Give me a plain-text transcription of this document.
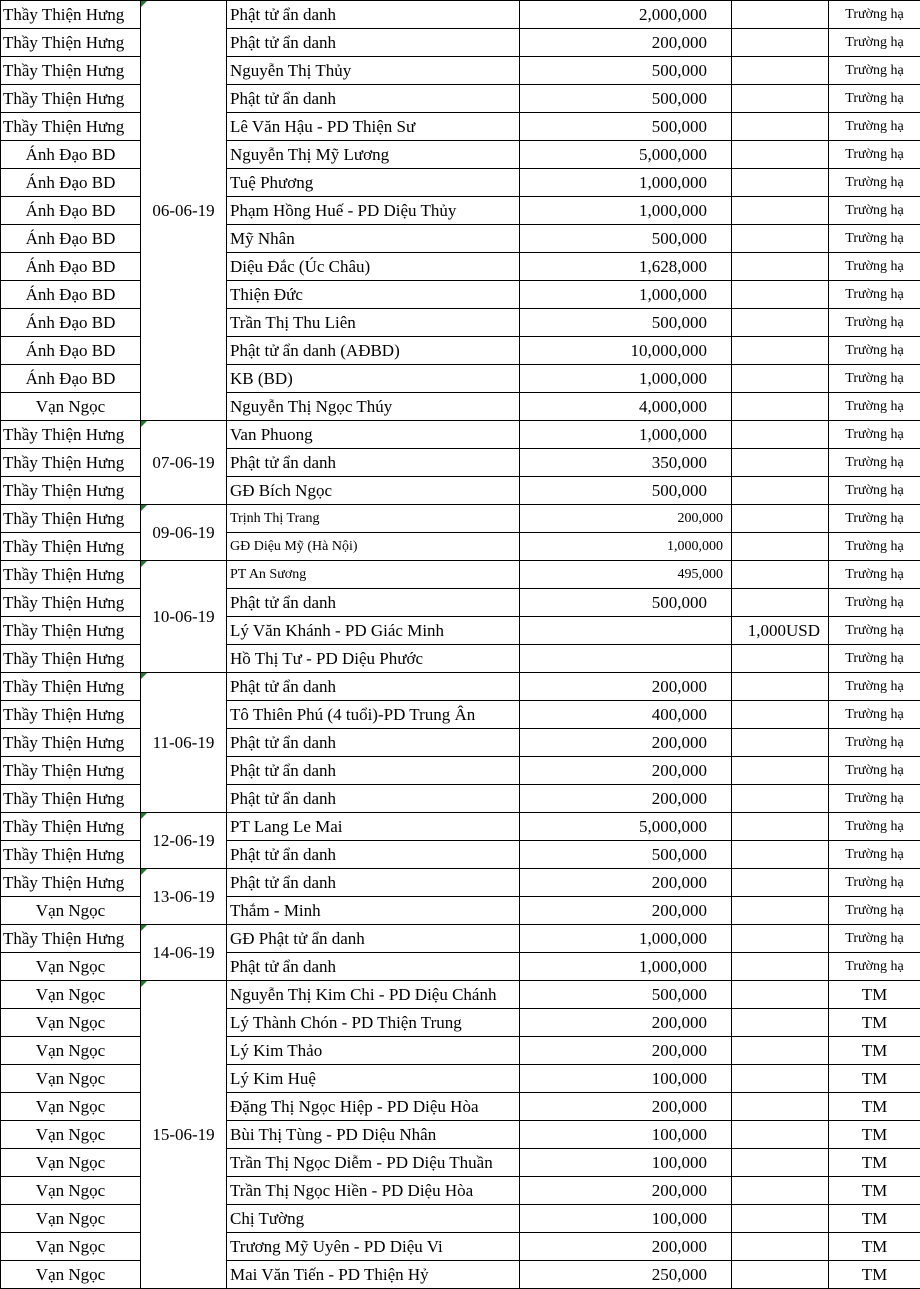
Thầy Thiện Hưng	06-06-19	Phật tử ẩn danh	2,000,000		Trường hạ
Thầy Thiện Hưng		Phật tử ẩn danh	200,000		Trường hạ
Thầy Thiện Hưng		Nguyễn Thị Thủy	500,000		Trường hạ
Thầy Thiện Hưng		Phật tử ẩn danh	500,000		Trường hạ
Thầy Thiện Hưng		Lê Văn Hậu - PD Thiện Sư	500,000		Trường hạ
Ánh Đạo BD		Nguyễn Thị Mỹ Lương	5,000,000		Trường hạ
Ánh Đạo BD		Tuệ Phương	1,000,000		Trường hạ
Ánh Đạo BD		Phạm Hồng Huế - PD Diệu Thủy	1,000,000		Trường hạ
Ánh Đạo BD		Mỹ Nhân	500,000		Trường hạ
Ánh Đạo BD		Diệu Đắc (Úc Châu)	1,628,000		Trường hạ
Ánh Đạo BD		Thiện Đức	1,000,000		Trường hạ
Ánh Đạo BD		Trần Thị Thu Liên	500,000		Trường hạ
Ánh Đạo BD		Phật tử ẩn danh (AĐBD)	10,000,000		Trường hạ
Ánh Đạo BD		KB (BD)	1,000,000		Trường hạ
Vạn Ngọc		Nguyễn Thị Ngọc Thúy	4,000,000		Trường hạ
Thầy Thiện Hưng	07-06-19	Van Phuong	1,000,000		Trường hạ
Thầy Thiện Hưng		Phật tử ẩn danh	350,000		Trường hạ
Thầy Thiện Hưng		GĐ Bích Ngọc	500,000		Trường hạ
Thầy Thiện Hưng	09-06-19	Trịnh Thị Trang	200,000		Trường hạ
Thầy Thiện Hưng		GĐ Diệu Mỹ (Hà Nội)	1,000,000		Trường hạ
Thầy Thiện Hưng	10-06-19	PT An Sương	495,000		Trường hạ
Thầy Thiện Hưng		Phật tử ẩn danh	500,000		Trường hạ
Thầy Thiện Hưng		Lý Văn Khánh - PD Giác Minh		1,000USD	Trường hạ
Thầy Thiện Hưng		Hồ Thị Tư - PD Diệu Phước			Trường hạ
Thầy Thiện Hưng	11-06-19	Phật tử ẩn danh	200,000		Trường hạ
Thầy Thiện Hưng		Tô Thiên Phú (4 tuổi)-PD Trung Ân	400,000		Trường hạ
Thầy Thiện Hưng		Phật tử ẩn danh	200,000		Trường hạ
Thầy Thiện Hưng		Phật tử ẩn danh	200,000		Trường hạ
Thầy Thiện Hưng		Phật tử ẩn danh	200,000		Trường hạ
Thầy Thiện Hưng	12-06-19	PT Lang Le Mai	5,000,000		Trường hạ
Thầy Thiện Hưng		Phật tử ẩn danh	500,000		Trường hạ
Thầy Thiện Hưng	13-06-19	Phật tử ẩn danh	200,000		Trường hạ
Vạn Ngọc		Thắm - Minh	200,000		Trường hạ
Thầy Thiện Hưng	14-06-19	GĐ Phật tử ẩn danh	1,000,000		Trường hạ
Vạn Ngọc		Phật tử ẩn danh	1,000,000		Trường hạ
Vạn Ngọc	15-06-19	Nguyễn Thị Kim Chi - PD Diệu Chánh	500,000		TM
Vạn Ngọc		Lý Thành Chón - PD Thiện Trung	200,000		TM
Vạn Ngọc		Lý Kim Thảo	200,000		TM
Vạn Ngọc		Lý Kim Huệ	100,000		TM
Vạn Ngọc		Đặng Thị Ngọc Hiệp - PD Diệu Hòa	200,000		TM
Vạn Ngọc		Bùi Thị Tùng - PD Diệu Nhân	100,000		TM
Vạn Ngọc		Trần Thị Ngọc Diễm - PD Diệu Thuần	100,000		TM
Vạn Ngọc		Trần Thị Ngọc Hiền - PD Diệu Hòa	200,000		TM
Vạn Ngọc		Chị Tường	100,000		TM
Vạn Ngọc		Trương Mỹ Uyên - PD Diệu Vi	200,000		TM
Vạn Ngọc		Mai Văn Tiến - PD Thiện Hỷ	250,000		TM
